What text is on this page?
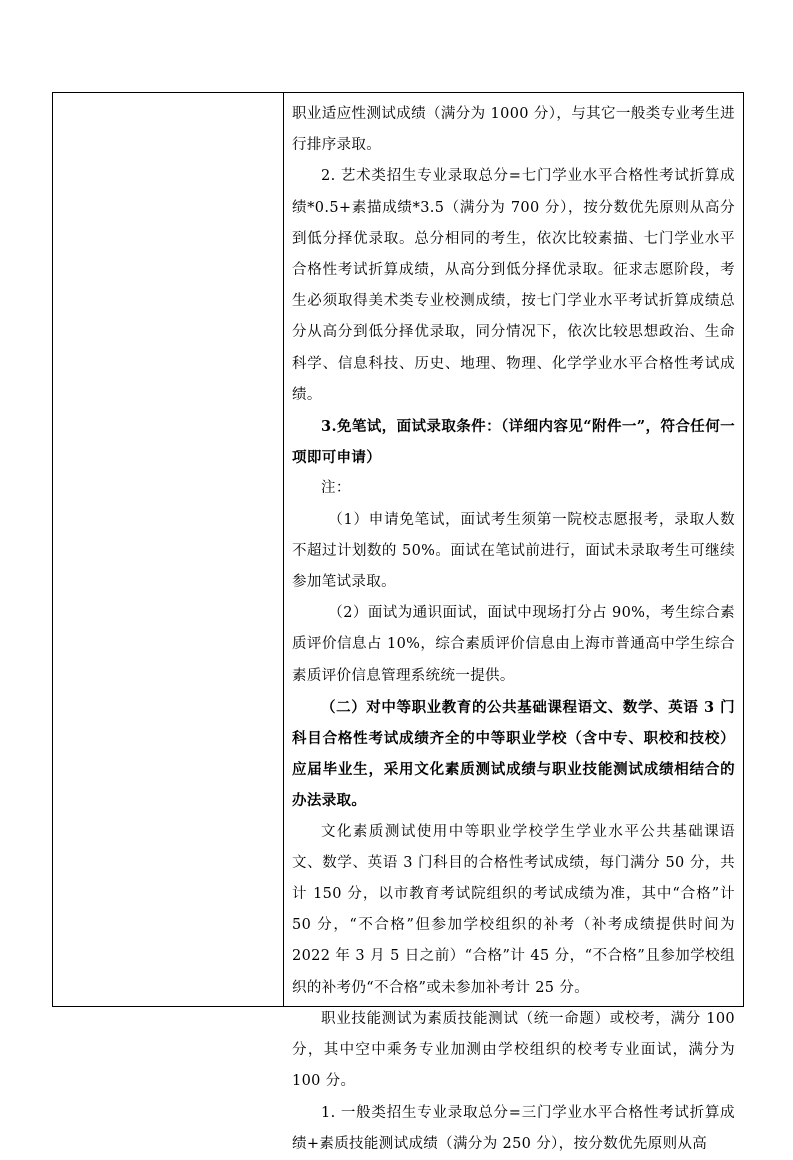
职业适应性测试成绩（满分为 1000 分），与其它一般类专业考生进行排序录取。

2. 艺术类招生专业录取总分=七门学业水平合格性考试折算成绩*0.5+素描成绩*3.5（满分为 700 分），按分数优先原则从高分到低分择优录取。总分相同的考生，依次比较素描、七门学业水平合格性考试折算成绩，从高分到低分择优录取。征求志愿阶段，考生必须取得美术类专业校测成绩，按七门学业水平考试折算成绩总分从高分到低分择优录取，同分情况下，依次比较思想政治、生命科学、信息科技、历史、地理、物理、化学学业水平合格性考试成绩。

3.免笔试，面试录取条件：（详细内容见“附件一”，符合任何一项即可申请）

注：

（1）申请免笔试，面试考生须第一院校志愿报考，录取人数不超过计划数的 50%。面试在笔试前进行，面试未录取考生可继续参加笔试录取。

（2）面试为通识面试，面试中现场打分占 90%，考生综合素质评价信息占 10%，综合素质评价信息由上海市普通高中学生综合素质评价信息管理系统统一提供。

（二）对中等职业教育的公共基础课程语文、数学、英语 3 门科目合格性考试成绩齐全的中等职业学校（含中专、职校和技校）应届毕业生，采用文化素质测试成绩与职业技能测试成绩相结合的办法录取。

文化素质测试使用中等职业学校学生学业水平公共基础课语文、数学、英语 3 门科目的合格性考试成绩，每门满分 50 分，共计 150 分，以市教育考试院组织的考试成绩为准，其中“合格”计 50 分，“不合格”但参加学校组织的补考（补考成绩提供时间为 2022 年 3 月 5 日之前）“合格”计 45 分，“不合格”且参加学校组织的补考仍“不合格”或未参加补考计 25 分。

职业技能测试为素质技能测试（统一命题）或校考，满分 100 分，其中空中乘务专业加测由学校组织的校考专业面试，满分为 100 分。

1. 一般类招生专业录取总分=三门学业水平合格性考试折算成绩+素质技能测试成绩（满分为 250 分），按分数优先原则从高
